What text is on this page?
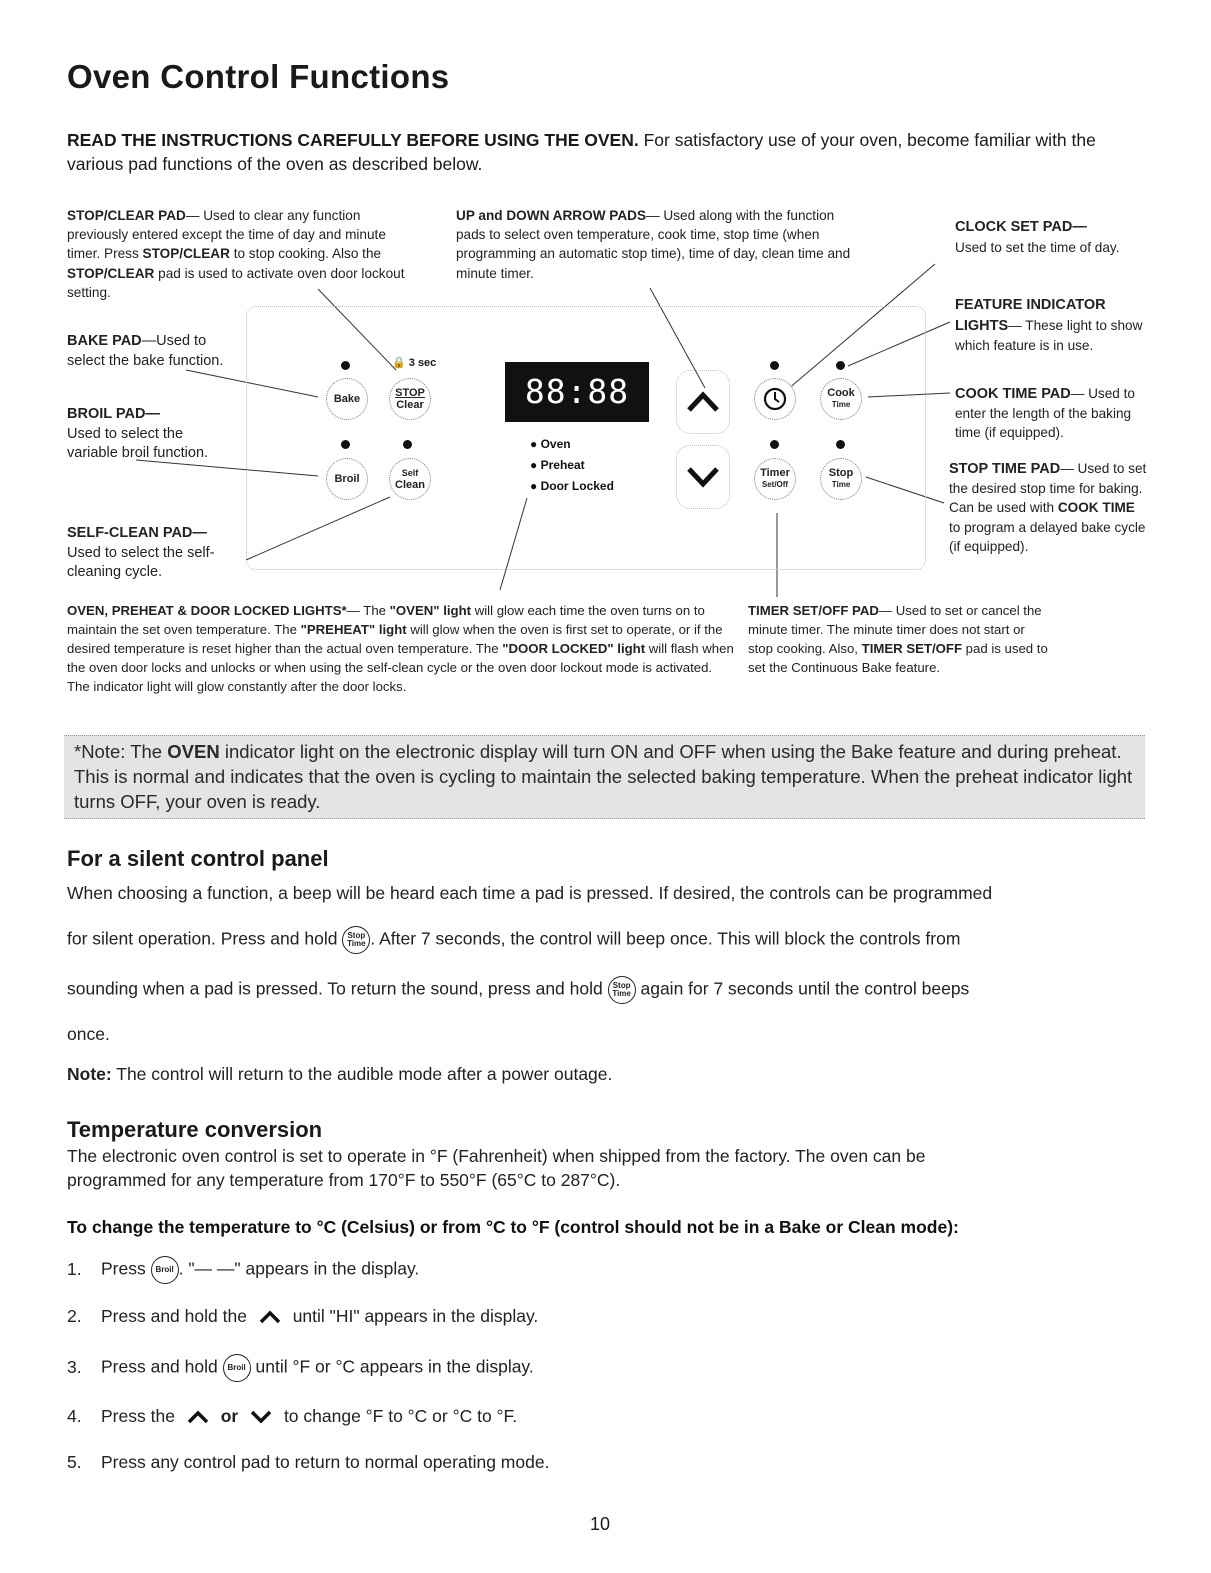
Oven Control Functions
READ THE INSTRUCTIONS CAREFULLY BEFORE USING THE OVEN. For satisfactory use of your oven, become familiar with the various pad functions of the oven as described below.
STOP/CLEAR PAD— Used to clear any function previously entered except the time of day and minute timer. Press STOP/CLEAR to stop cooking. Also the STOP/CLEAR pad is used to activate oven door lockout setting.
UP and DOWN ARROW PADS— Used along with the function pads to select oven temperature, cook time, stop time (when programming an automatic stop time), time of day, clean time and minute timer.
CLOCK SET PAD—
Used to set the time of day.
FEATURE INDICATOR
LIGHTS— These light to show which feature is in use.
COOK TIME PAD— Used to enter the length of the baking time (if equipped).
STOP TIME PAD— Used to set the desired stop time for baking. Can be used with COOK TIME to program a delayed bake cycle (if equipped).
BAKE PAD—Used to select the bake function.
BROIL PAD—
Used to select the variable broil function.
SELF-CLEAN PAD—
Used to select the self-cleaning cycle.
OVEN, PREHEAT & DOOR LOCKED LIGHTS*— The "OVEN" light will glow each time the oven turns on to maintain the set oven temperature. The "PREHEAT" light will glow when the oven is first set to operate, or if the desired temperature is reset higher than the actual oven temperature. The "DOOR LOCKED" light will flash when the oven door locks and unlocks or when using the self-clean cycle or the oven door lockout mode is activated. The indicator light will glow constantly after the door locks.
TIMER SET/OFF PAD— Used to set or cancel the minute timer. The minute timer does not start or stop cooking. Also, TIMER SET/OFF pad is used to set the Continuous Bake feature.
🔒 3 sec
Bake	STOP
Clear
Broil	Self
Clean
88:88
● Oven
● Preheat
● Door Locked
Cook
Time
Timer
Set/Off
Stop
Time
*Note: The OVEN indicator light on the electronic display will turn ON and OFF when using the Bake feature and during preheat. This is normal and indicates that the oven is cycling to maintain the selected baking temperature. When the preheat indicator light turns OFF, your oven is ready.
For a silent control panel
When choosing a function, a beep will be heard each time a pad is pressed. If desired, the controls can be programmed
for silent operation. Press and hold Stop
Time . After 7 seconds, the control will beep once. This will block the controls from
sounding when a pad is pressed. To return the sound, press and hold Stop
Time again for 7 seconds until the control beeps
once.
Note: The control will return to the audible mode after a power outage.
Temperature conversion
The electronic oven control is set to operate in °F (Fahrenheit) when shipped from the factory. The oven can be
programmed for any temperature from 170°F to 550°F (65°C to 287°C).
To change the temperature to °C (Celsius) or from °C to °F (control should not be in a Bake or Clean mode):
1. Press Broil . "— —" appears in the display.
2. Press and hold the	until "HI" appears in the display.
3. Press and hold Broil until °F or °C appears in the display.
4. Press the	or	to change °F to °C or °C to °F.
5. Press any control pad to return to normal operating mode.
10
